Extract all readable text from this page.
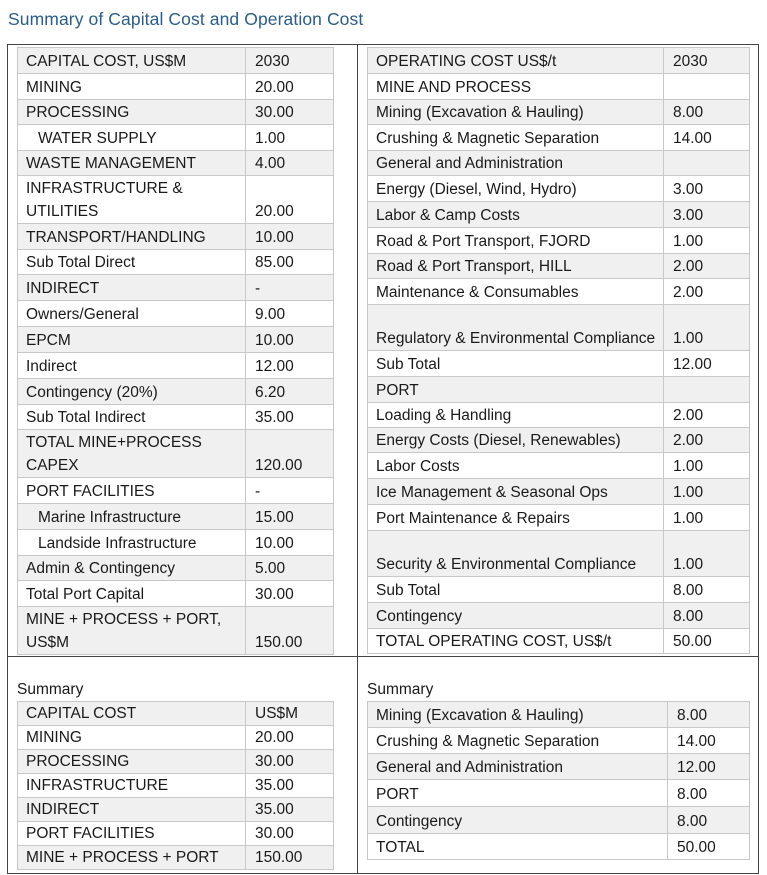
Summary of Capital Cost and Operation Cost
CAPITAL COST, US$M	2030
MINING	20.00
PROCESSING	30.00
WATER SUPPLY	1.00
WASTE MANAGEMENT	4.00
INFRASTRUCTURE & UTILITIES	20.00
TRANSPORT/HANDLING	10.00
Sub Total Direct	85.00
INDIRECT	-
Owners/General	9.00
EPCM	10.00
Indirect	12.00
Contingency (20%)	6.20
Sub Total Indirect	35.00
TOTAL MINE+PROCESS CAPEX	120.00
PORT FACILITIES	-
Marine Infrastructure	15.00
Landside Infrastructure	10.00
Admin & Contingency	5.00
Total Port Capital	30.00
MINE + PROCESS + PORT, US$M	150.00
OPERATING COST US$/t	2030
MINE AND PROCESS	
Mining (Excavation & Hauling)	8.00
Crushing & Magnetic Separation	14.00
General and Administration	
Energy (Diesel, Wind, Hydro)	3.00
Labor & Camp Costs	3.00
Road & Port Transport, FJORD	1.00
Road & Port Transport, HILL	2.00
Maintenance & Consumables	2.00
Regulatory & Environmental Compliance	1.00
Sub Total	12.00
PORT	
Loading & Handling	2.00
Energy Costs (Diesel, Renewables)	2.00
Labor Costs	1.00
Ice Management & Seasonal Ops	1.00
Port Maintenance & Repairs	1.00
Security & Environmental Compliance	1.00
Sub Total	8.00
Contingency	8.00
TOTAL OPERATING COST, US$/t	50.00
Summary	Summary
CAPITAL COST	US$M
MINING	20.00
PROCESSING	30.00
INFRASTRUCTURE	35.00
INDIRECT	35.00
PORT FACILITIES	30.00
MINE + PROCESS + PORT	150.00
Mining (Excavation & Hauling)	8.00
Crushing & Magnetic Separation	14.00
General and Administration	12.00
PORT	8.00
Contingency	8.00
TOTAL	50.00
